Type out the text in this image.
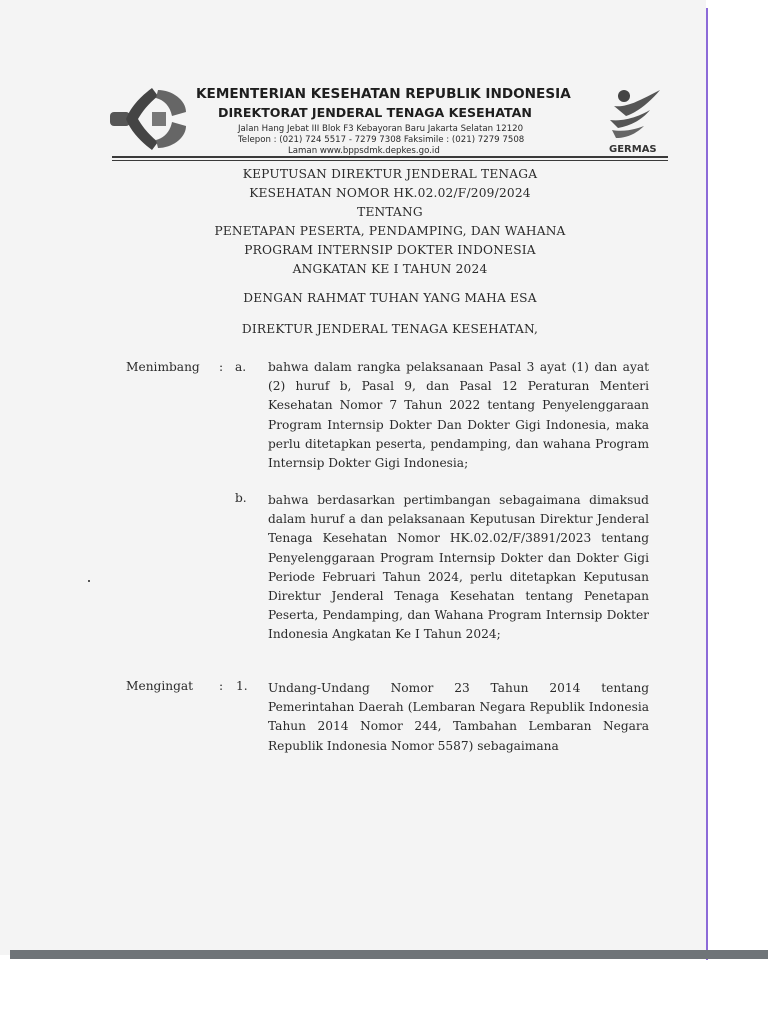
GERMAS
KEMENTERIAN KESEHATAN REPUBLIK INDONESIA
DIREKTORAT JENDERAL TENAGA KESEHATAN
Jalan Hang Jebat III Blok F3 Kebayoran Baru Jakarta Selatan 12120
Telepon : (021) 724 5517 - 7279 7308 Faksimile : (021) 7279 7508
Laman www.bppsdmk.depkes.go.id
KEPUTUSAN DIREKTUR JENDERAL TENAGA
KESEHATAN NOMOR HK.02.02/F/209/2024
TENTANG
PENETAPAN PESERTA, PENDAMPING, DAN WAHANA
PROGRAM INTERNSIP DOKTER INDONESIA
ANGKATAN KE I TAHUN 2024
DENGAN RAHMAT TUHAN YANG MAHA ESA
DIREKTUR JENDERAL TENAGA KESEHATAN,
Menimbang : a. bahwa dalam rangka pelaksanaan Pasal 3 ayat (1) dan ayat (2) huruf b, Pasal 9, dan Pasal 12 Peraturan Menteri Kesehatan Nomor 7 Tahun 2022 tentang Penyelenggaraan Program Internsip Dokter Dan Dokter Gigi Indonesia, maka perlu ditetapkan peserta, pendamping, dan wahana Program Internsip Dokter Gigi Indonesia;
b. bahwa berdasarkan pertimbangan sebagaimana dimaksud dalam huruf a dan pelaksanaan Keputusan Direktur Jenderal Tenaga Kesehatan Nomor HK.02.02/F/3891/2023 tentang Penyelenggaraan Program Internsip Dokter dan Dokter Gigi Periode Februari Tahun 2024, perlu ditetapkan Keputusan Direktur Jenderal Tenaga Kesehatan tentang Penetapan Peserta, Pendamping, dan Wahana Program Internsip Dokter Indonesia Angkatan Ke I Tahun 2024;
Mengingat : 1. Undang-Undang Nomor 23 Tahun 2014 tentang Pemerintahan Daerah (Lembaran Negara Republik Indonesia Tahun 2014 Nomor 244, Tambahan Lembaran Negara Republik Indonesia Nomor 5587) sebagaimana
